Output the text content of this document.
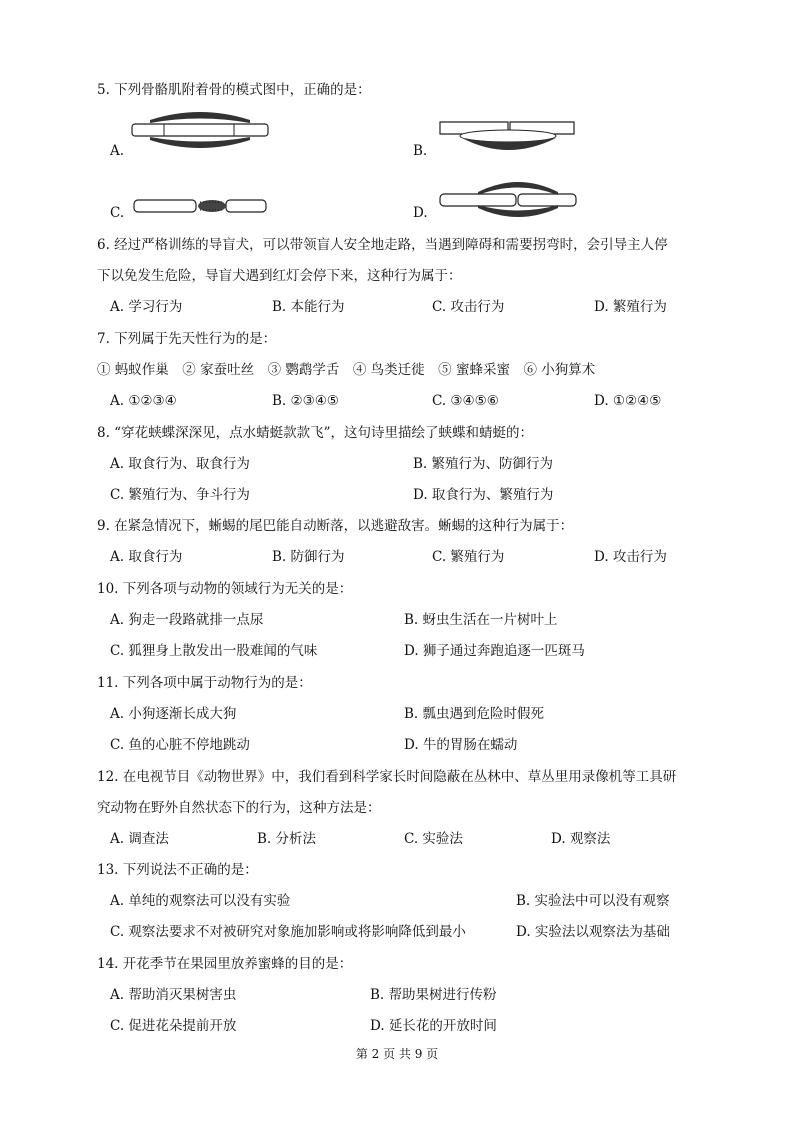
5. 下列骨骼肌附着骨的模式图中，正确的是：
A.	B.
C.	D.
6. 经过严格训练的导盲犬，可以带领盲人安全地走路，当遇到障碍和需要拐弯时，会引导主人停
下以免发生危险，导盲犬遇到红灯会停下来，这种行为属于：
A. 学习行为	B. 本能行为	C. 攻击行为	D. 繁殖行为
7. 下列属于先天性行为的是：
① 蚂蚁作巢　② 家蚕吐丝　③ 鹦鹉学舌　④ 鸟类迁徙　⑤ 蜜蜂采蜜　⑥ 小狗算术
A. ①②③④	B. ②③④⑤	C. ③④⑤⑥	D. ①②④⑤
8. “穿花蛱蝶深深见，点水蜻蜓款款飞”，这句诗里描绘了蛱蝶和蜻蜓的：
A. 取食行为、取食行为	B. 繁殖行为、防御行为
C. 繁殖行为、争斗行为	D. 取食行为、繁殖行为
9. 在紧急情况下，蜥蜴的尾巴能自动断落，以逃避敌害。蜥蜴的这种行为属于：
A. 取食行为	B. 防御行为	C. 繁殖行为	D. 攻击行为
10. 下列各项与动物的领域行为无关的是：
A. 狗走一段路就排一点尿	B. 蚜虫生活在一片树叶上
C. 狐狸身上散发出一股难闻的气味	D. 狮子通过奔跑追逐一匹斑马
11. 下列各项中属于动物行为的是：
A. 小狗逐渐长成大狗	B. 瓢虫遇到危险时假死
C. 鱼的心脏不停地跳动	D. 牛的胃肠在蠕动
12. 在电视节目《动物世界》中，我们看到科学家长时间隐蔽在丛林中、草丛里用录像机等工具研
究动物在野外自然状态下的行为，这种方法是：
A. 调查法	B. 分析法	C. 实验法	D. 观察法
13. 下列说法不正确的是：
A. 单纯的观察法可以没有实验	B. 实验法中可以没有观察
C. 观察法要求不对被研究对象施加影响或将影响降低到最小	D. 实验法以观察法为基础
14. 开花季节在果园里放养蜜蜂的目的是：
A. 帮助消灭果树害虫	B. 帮助果树进行传粉
C. 促进花朵提前开放	D. 延长花的开放时间
第 2 页 共 9 页
